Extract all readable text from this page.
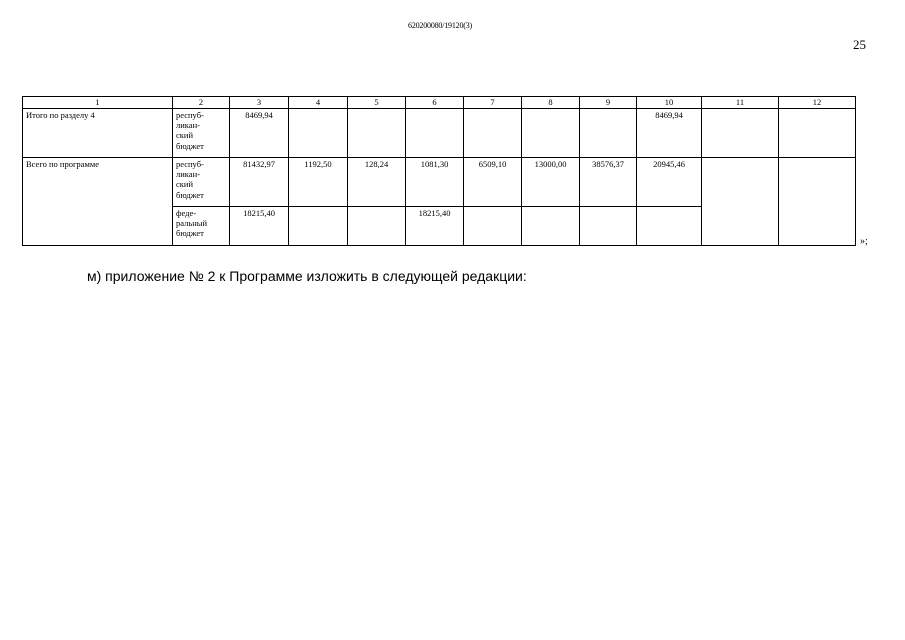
620200080/19120(3)
25
1	2	3	4	5	6	7	8	9	10	11	12
Итого по разделу 4	респуб-
ликан-
ский
бюджет	8469,94							8469,94		
Всего по программе	респуб-
ликан-
ский
бюджет	81432,97	1192,50	128,24	1081,30	6509,10	13000,00	38576,37	20945,46		
	феде-
ральный
бюджет	18215,40			18215,40						
»;
м) приложение № 2 к Программе изложить в следующей редакции:
